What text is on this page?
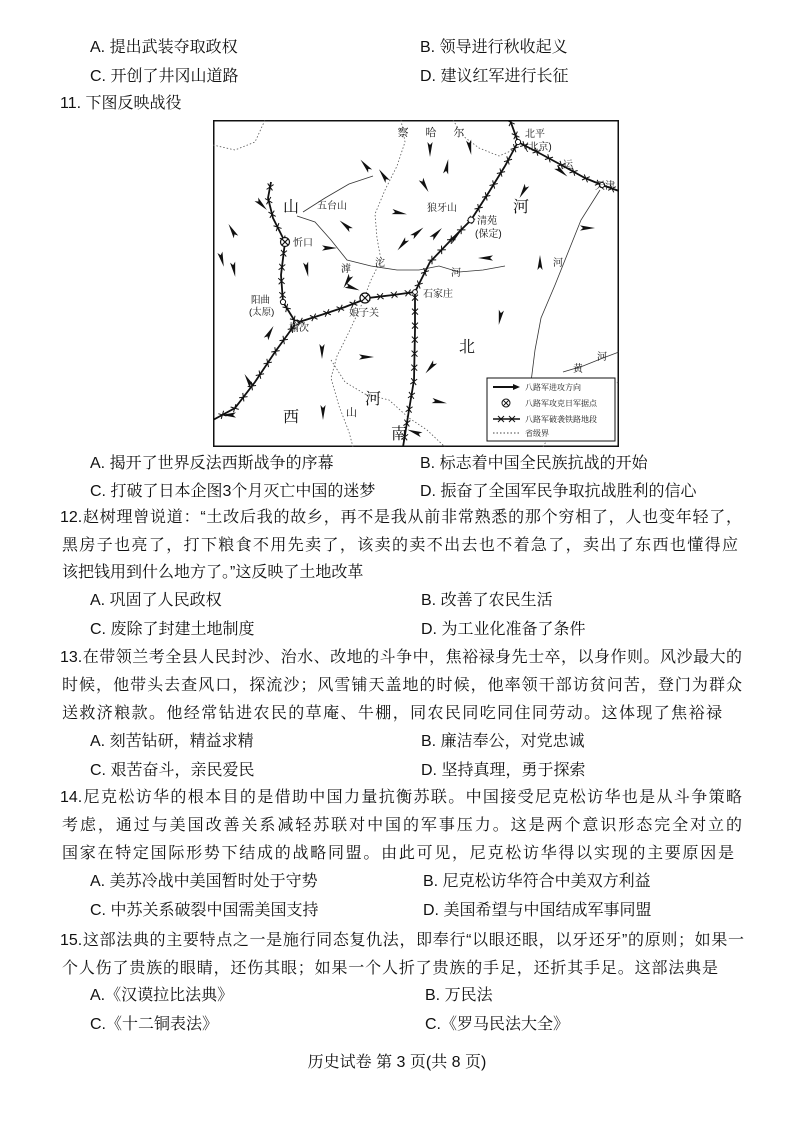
A. 提出武装夺取政权	B. 领导进行秋收起义
C. 开创了井冈山道路	D. 建议红军进行长征
11. 下图反映战役
察 哈 尔	北平
(北京)
天津
运
山 五台山	狼牙山	河
清苑
(保定)
忻口
阳曲
(太原)
榆次
娘子关
石家庄
滹
沱
河
河
北
西
河
山
南
黄
河
八路军进攻方向
八路军攻克日军据点
八路军破袭铁路地段
省级界
A. 揭开了世界反法西斯战争的序幕	B. 标志着中国全民族抗战的开始
C. 打破了日本企图3个月灭亡中国的迷梦	D. 振奋了全国军民争取抗战胜利的信心
12.赵树理曾说道：“土改后我的故乡，再不是我从前非常熟悉的那个穷相了，人也变年轻了，
黑房子也亮了，打下粮食不用先卖了，该卖的卖不出去也不着急了，卖出了东西也懂得应
该把钱用到什么地方了。”这反映了土地改革
A. 巩固了人民政权	B. 改善了农民生活
C. 废除了封建土地制度	D. 为工业化准备了条件
13.在带领兰考全县人民封沙、治水、改地的斗争中，焦裕禄身先士卒，以身作则。风沙最大的
时候，他带头去查风口，探流沙；风雪铺天盖地的时候，他率领干部访贫问苦，登门为群众
送救济粮款。他经常钻进农民的草庵、牛棚，同农民同吃同住同劳动。这体现了焦裕禄
A. 刻苦钻研，精益求精	B. 廉洁奉公，对党忠诚
C. 艰苦奋斗，亲民爱民	D. 坚持真理，勇于探索
14.尼克松访华的根本目的是借助中国力量抗衡苏联。中国接受尼克松访华也是从斗争策略
考虑，通过与美国改善关系减轻苏联对中国的军事压力。这是两个意识形态完全对立的
国家在特定国际形势下结成的战略同盟。由此可见，尼克松访华得以实现的主要原因是
A. 美苏冷战中美国暂时处于守势	B. 尼克松访华符合中美双方利益
C. 中苏关系破裂中国需美国支持	D. 美国希望与中国结成军事同盟
15.这部法典的主要特点之一是施行同态复仇法，即奉行“以眼还眼，以牙还牙”的原则；如果一
个人伤了贵族的眼睛，还伤其眼；如果一个人折了贵族的手足，还折其手足。这部法典是
A.《汉谟拉比法典》	B. 万民法
C.《十二铜表法》	C.《罗马民法大全》
历史试卷 第 3 页(共 8 页)
